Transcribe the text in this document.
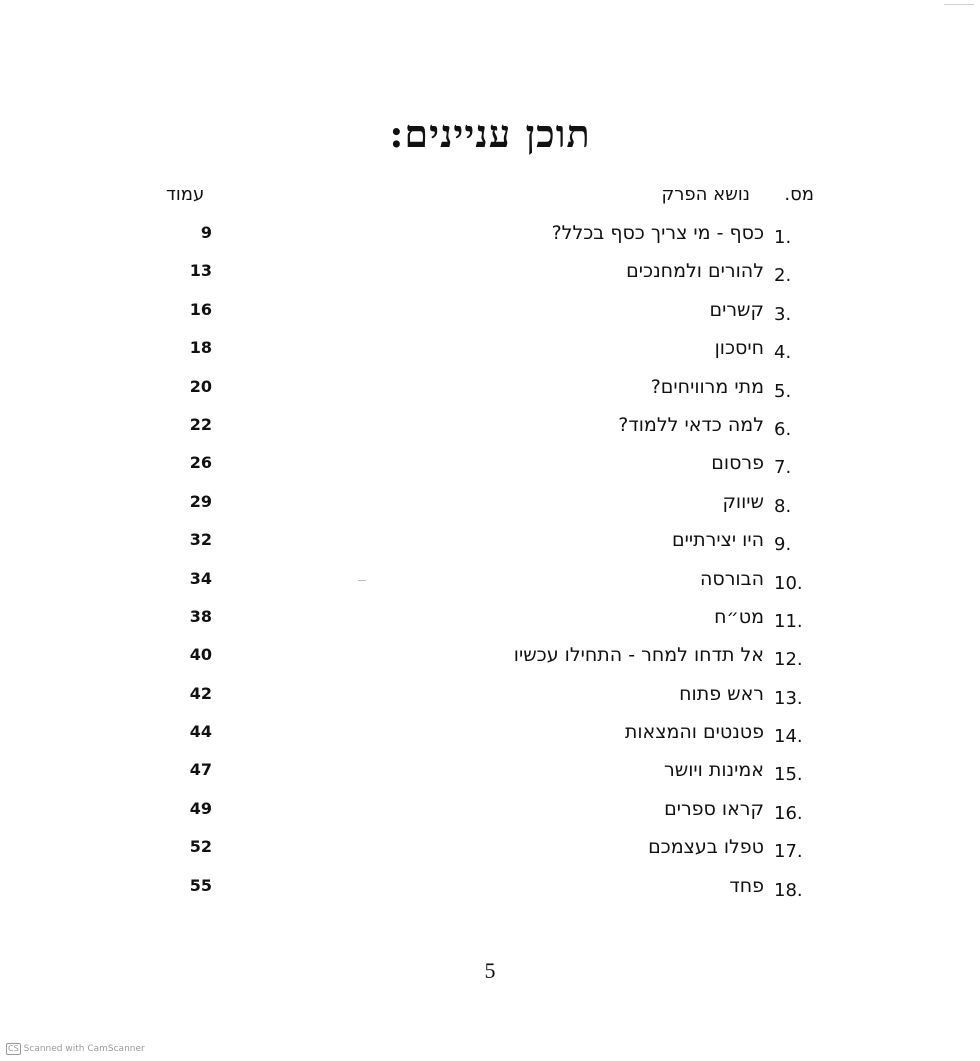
תוכן עניינים:
מס.
נושא הפרק
עמוד
1.
כסף - מי צריך כסף בכלל?
9
2.
להורים ולמחנכים
13
3.
קשרים
16
4.
חיסכון
18
5.
מתי מרוויחים?
20
6.
למה כדאי ללמוד?
22
7.
פרסום
26
8.
שיווק
29
9.
היו יצירתיים
32
10.
הבורסה
34
11.
מט״ח
38
12.
אל תדחו למחר - התחילו עכשיו
40
13.
ראש פתוח
42
14.
פטנטים והמצאות
44
15.
אמינות ויושר
47
16.
קראו ספרים
49
17.
טפלו בעצמכם
52
18.
פחד
55
5
CS Scanned with CamScanner
